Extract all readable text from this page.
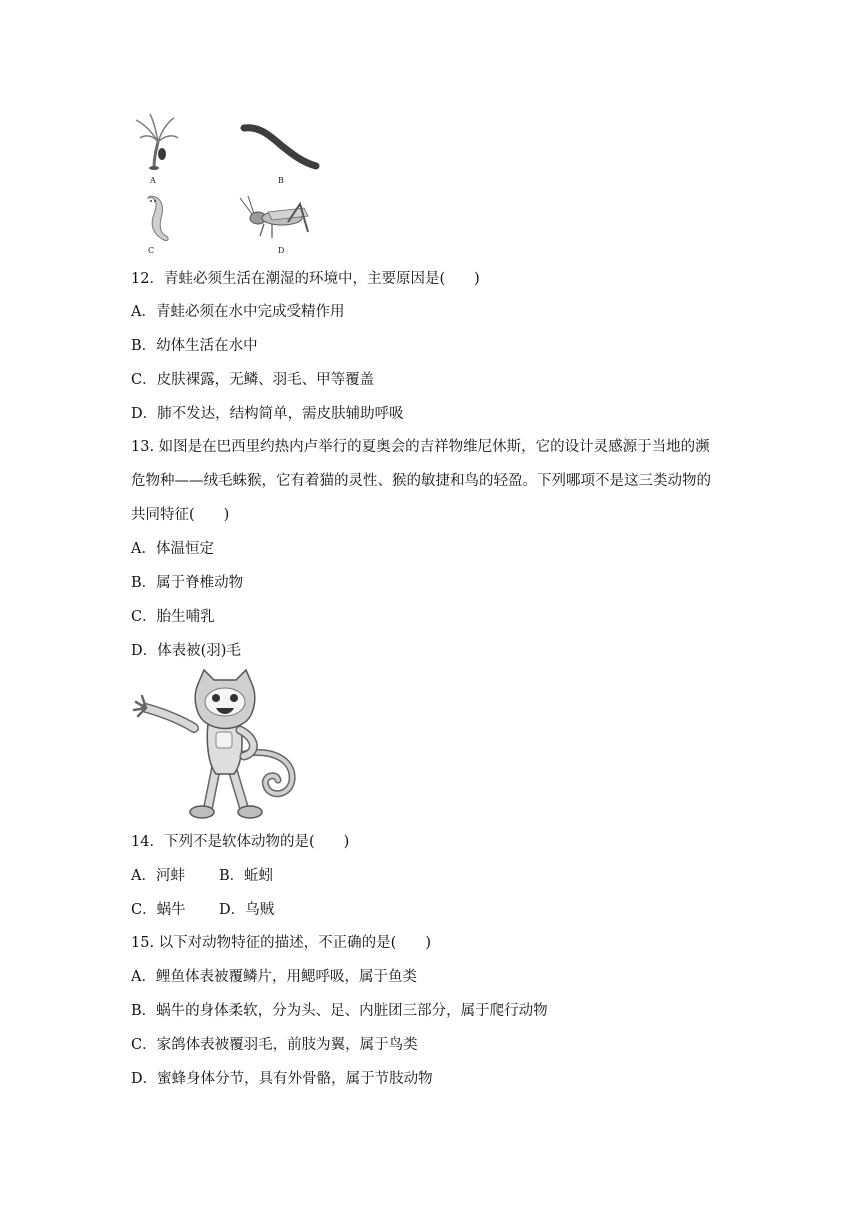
A	B
C	D
12．青蛙必须生活在潮湿的环境中，主要原因是(　　)
A．青蛙必须在水中完成受精作用
B．幼体生活在水中
C．皮肤裸露，无鳞、羽毛、甲等覆盖
D．肺不发达，结构简单，需皮肤辅助呼吸
13. 如图是在巴西里约热内卢举行的夏奥会的吉祥物维尼休斯，它的设计灵感源于当地的濒
危物种——绒毛蛛猴，它有着猫的灵性、猴的敏捷和鸟的轻盈。下列哪项不是这三类动物的
共同特征(　　)
A．体温恒定
B．属于脊椎动物
C．胎生哺乳
D．体表被(羽)毛
14．下列不是软体动物的是(　　)
A．河蚌 B．蚯蚓
C．蜗牛 D．乌贼
15. 以下对动物特征的描述，不正确的是(　　)
A．鲤鱼体表被覆鳞片，用鳃呼吸，属于鱼类
B．蜗牛的身体柔软，分为头、足、内脏团三部分，属于爬行动物
C．家鸽体表被覆羽毛，前肢为翼，属于鸟类
D．蜜蜂身体分节，具有外骨骼，属于节肢动物
